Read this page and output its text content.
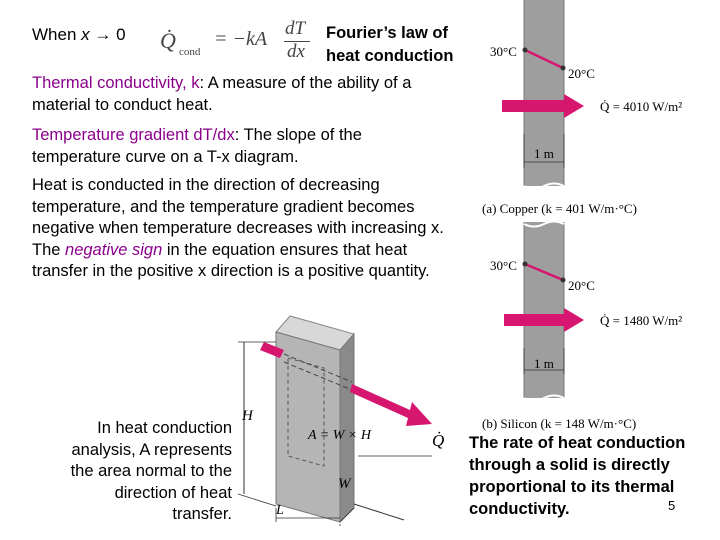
When x → 0 Q̇ cond
= −kA dT
dx
Fourier’s law of
heat conduction
Thermal conductivity, k: A measure of the ability of a material to conduct heat.
Temperature gradient dT/dx: The slope of the temperature curve on a T-x diagram.
Heat is conducted in the direction of decreasing temperature, and the temperature gradient becomes negative when temperature decreases with increasing x. The negative sign in the equation ensures that heat transfer in the positive x direction is a positive quantity.
In heat conduction
analysis, A represents
the area normal to the
direction of heat
transfer.
H
W
L
A = W × H	Q̇
30°C
20°C
Q̇ = 4010 W/m²
1 m
(a) Copper (k = 401 W/m·°C)
30°C
20°C
Q̇ = 1480 W/m²
1 m
(b) Silicon (k = 148 W/m·°C)
The rate of heat conduction
through a solid is directly
proportional to its thermal
conductivity.	5
